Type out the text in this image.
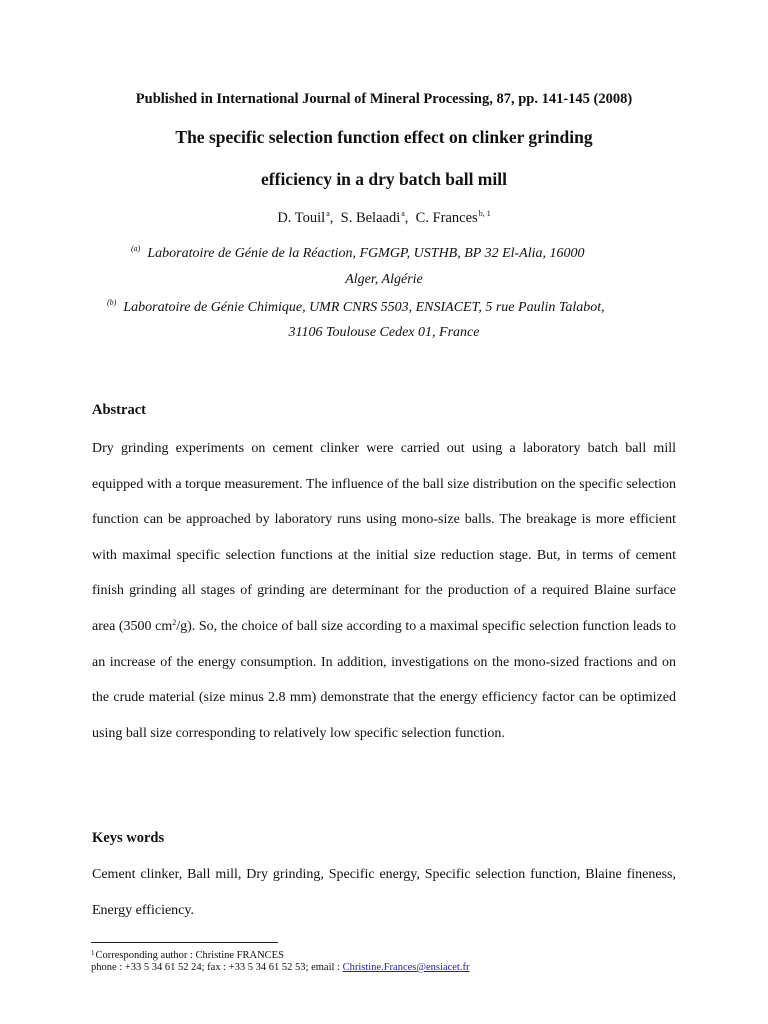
Published in International Journal of Mineral Processing, 87, pp. 141-145 (2008)
The specific selection function effect on clinker grinding
efficiency in a dry batch ball mill
D. Touil$^a$,  S. Belaadi$^a$,  C. Frances$^{b, 1}$
$^{(a)}$ Laboratoire de Génie de la Réaction, FGMGP, USTHB, BP 32 El-Alia, 16000
Alger, Algérie
$^{(b)}$ Laboratoire de Génie Chimique, UMR CNRS 5503, ENSIACET, 5 rue Paulin Talabot,
31106 Toulouse Cedex 01, France
Abstract
Dry grinding experiments on cement clinker were carried out using a laboratory batch ball mill equipped with a torque measurement. The influence of the ball size distribution on the specific selection function can be approached by laboratory runs using mono-size balls. The breakage is more efficient with maximal specific selection functions at the initial size reduction stage. But, in terms of cement finish grinding all stages of grinding are determinant for the production of a required Blaine surface area (3500 $cm^2/g$). So, the choice of ball size according to a maximal specific selection function leads to an increase of the energy consumption. In addition, investigations on the mono-sized fractions and on the crude material (size minus 2.8 mm) demonstrate that the energy efficiency factor can be optimized using ball size corresponding to relatively low specific selection function.
Keys words
Cement clinker, Ball mill, Dry grinding, Specific energy, Specific selection function, Blaine fineness, Energy efficiency.
$^1$Corresponding author : Christine FRANCES
phone : +33 5 34 61 52 24; fax : +33 5 34 61 52 53; email : Christine.Frances@ensiacet.fr
